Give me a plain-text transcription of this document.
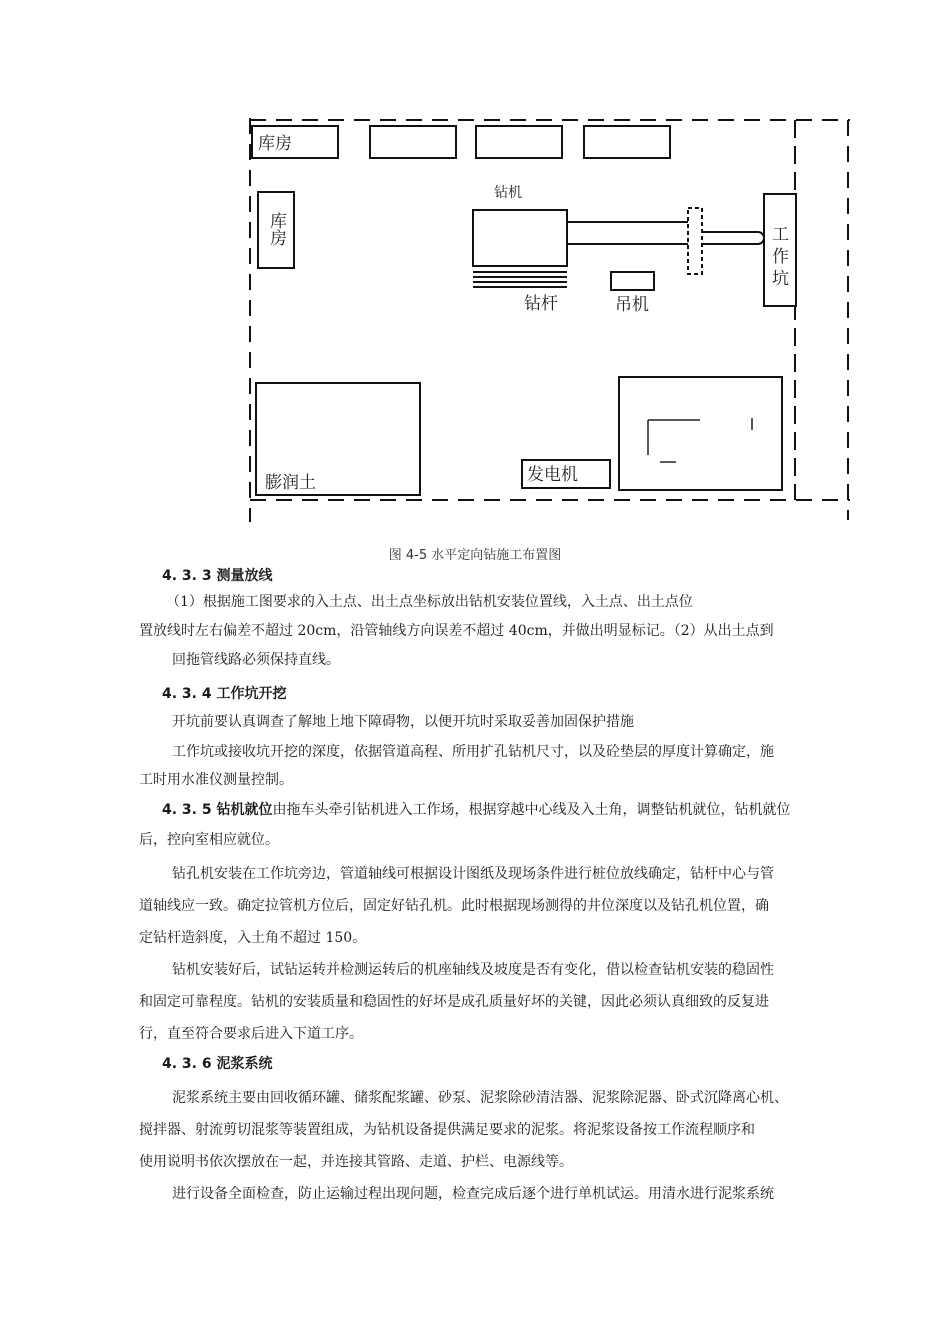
库房
库房
钻机
钻杆	吊机
工
作
坑
膨润土	发电机
图 4-5 水平定向钻施工布置图
4. 3. 3 测量放线
（1）根据施工图要求的入土点、出土点坐标放出钻机安装位置线，入土点、出土点位
置放线时左右偏差不超过 20cm，沿管轴线方向误差不超过 40cm，并做出明显标记。（2）从出土点到
回拖管线路必须保持直线。
4. 3. 4 工作坑开挖
开坑前要认真调查了解地上地下障碍物，以便开坑时采取妥善加固保护措施
工作坑或接收坑开挖的深度，依据管道高程、所用扩孔钻机尺寸，以及砼垫层的厚度计算确定，施
工时用水准仪测量控制。
4. 3. 5 钻机就位由拖车头牵引钻机进入工作场，根据穿越中心线及入土角，调整钻机就位，钻机就位
后，控向室相应就位。
钻孔机安装在工作坑旁边，管道轴线可根据设计图纸及现场条件进行桩位放线确定，钻杆中心与管
道轴线应一致。确定拉管机方位后，固定好钻孔机。此时根据现场测得的井位深度以及钻孔机位置，确
定钻杆造斜度，入土角不超过 150。
钻机安装好后，试钻运转并检测运转后的机座轴线及坡度是否有变化，借以检查钻机安装的稳固性
和固定可靠程度。钻机的安装质量和稳固性的好坏是成孔质量好坏的关键，因此必须认真细致的反复进
行，直至符合要求后进入下道工序。
4. 3. 6 泥浆系统
泥浆系统主要由回收循环罐、储浆配浆罐、砂泵、泥浆除砂清洁器、泥浆除泥器、卧式沉降离心机、
搅拌器、射流剪切混浆等装置组成，为钻机设备提供满足要求的泥浆。将泥浆设备按工作流程顺序和
使用说明书依次摆放在一起，并连接其管路、走道、护栏、电源线等。
进行设备全面检查，防止运输过程出现问题，检查完成后逐个进行单机试运。用清水进行泥浆系统
